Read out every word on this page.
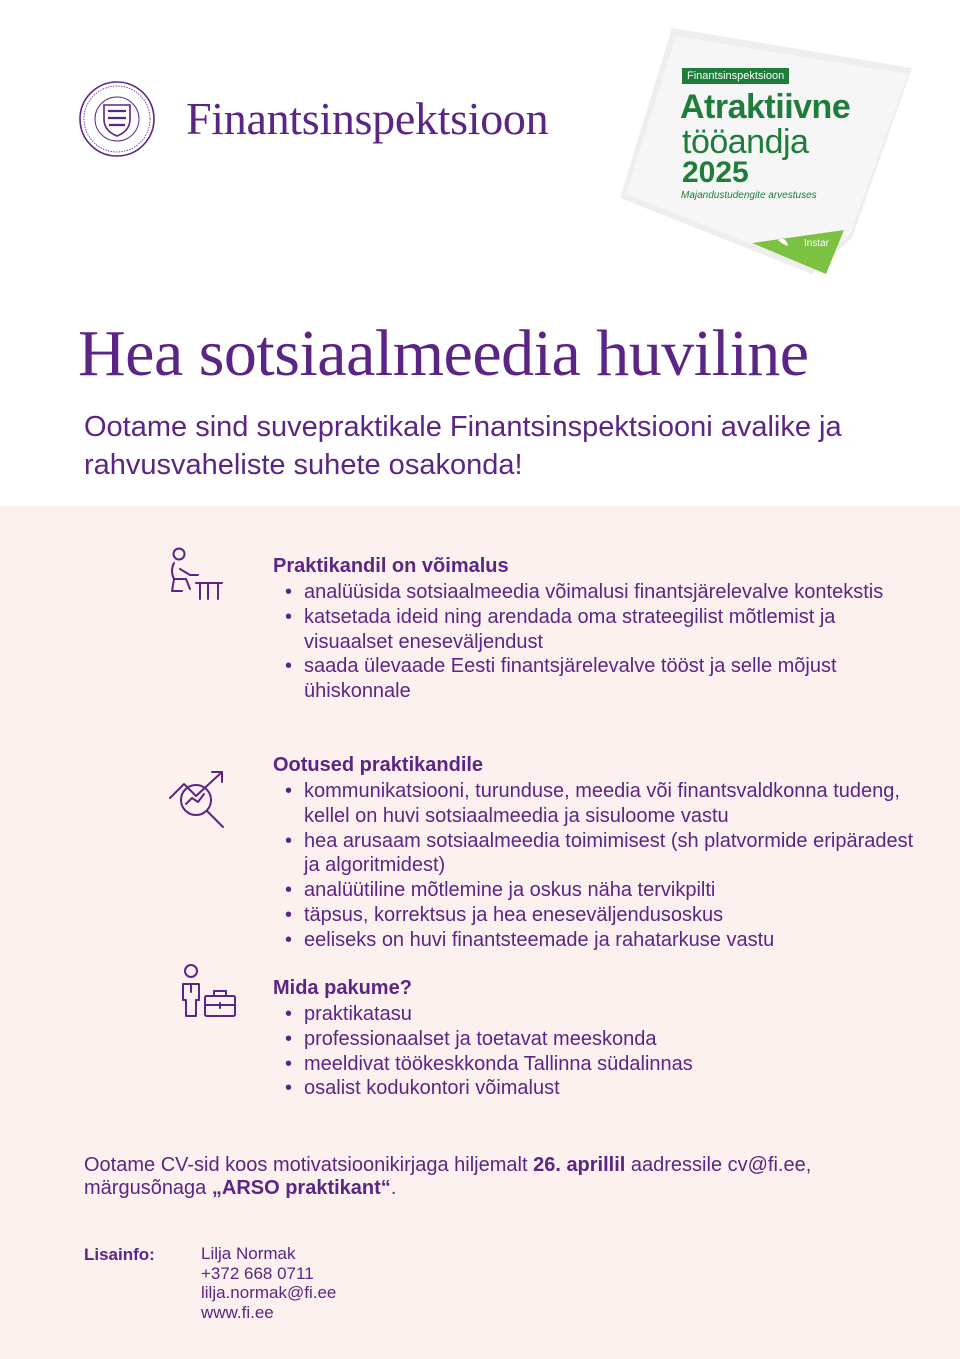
Finantsinspektsioon
Finantsinspektsioon
Atraktiivne
tööandja
2025
Majandustudengite arvestuses
Instar
Hea sotsiaalmeedia huviline
Ootame sind suvepraktikale Finantsinspektsiooni avalike ja rahvusvaheliste suhete osakonda!
Praktikandil on võimalus
• analüüsida sotsiaalmeedia võimalusi finantsjärelevalve kontekstis
• katsetada ideid ning arendada oma strateegilist mõtlemist ja visuaalset eneseväljendust
• saada ülevaade Eesti finantsjärelevalve tööst ja selle mõjust ühiskonnale
Ootused praktikandile
• kommunikatsiooni, turunduse, meedia või finantsvaldkonna tudeng, kellel on huvi sotsiaalmeedia ja sisuloome vastu
• hea arusaam sotsiaalmeedia toimimisest (sh platvormide eripäradest ja algoritmidest)
• analüütiline mõtlemine ja oskus näha tervikpilti
• täpsus, korrektsus ja hea eneseväljendusoskus
• eeliseks on huvi finantsteemade ja rahatarkuse vastu
Mida pakume?
• praktikatasu
• professionaalset ja toetavat meeskonda
• meeldivat töökeskkonda Tallinna südalinnas
• osalist kodukontori võimalust
Ootame CV-sid koos motivatsioonikirjaga hiljemalt 26. aprillil aadressile cv@fi.ee, märgusõnaga „ARSO praktikant“.
Lisainfo:	Lilja Normak
+372 668 0711
lilja.normak@fi.ee
www.fi.ee
